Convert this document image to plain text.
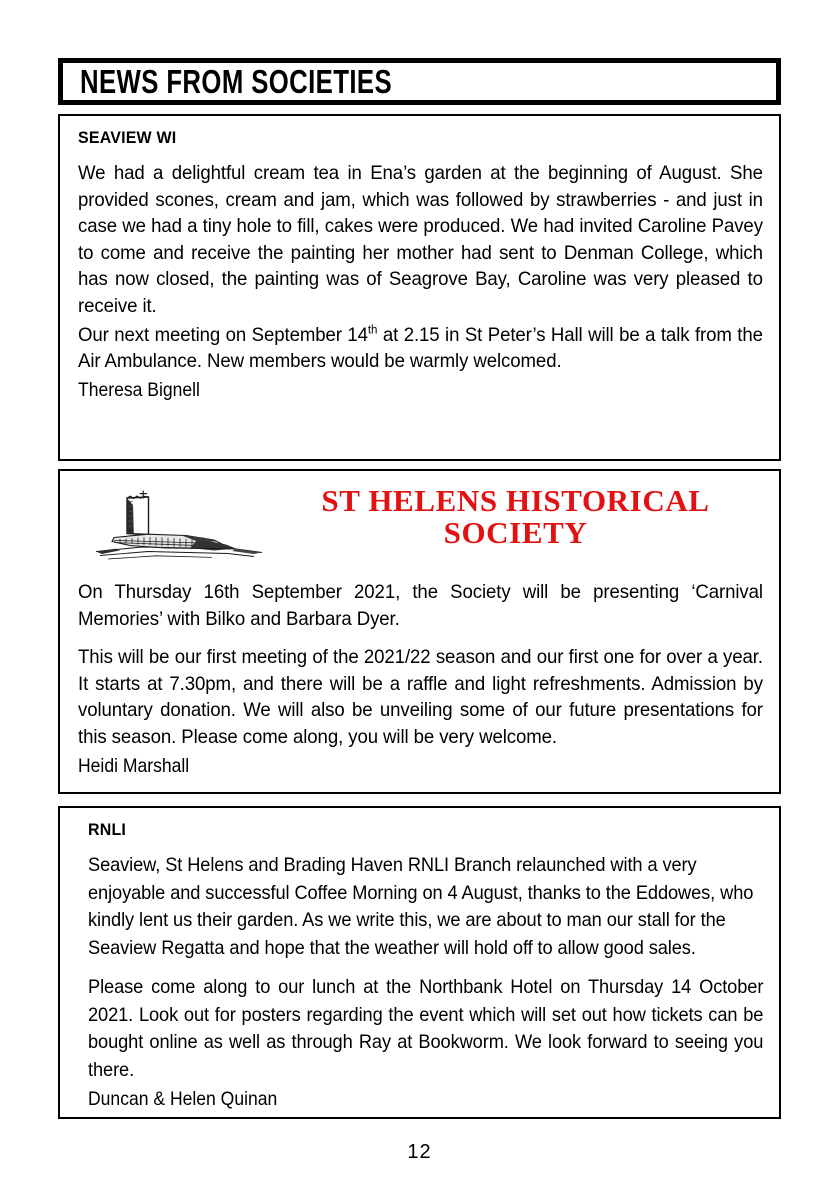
NEWS FROM SOCIETIES
SEAVIEW WI

We had a delightful cream tea in Ena’s garden at the beginning of August. She provided scones, cream and jam, which was followed by strawberries - and just in case we had a tiny hole to fill, cakes were produced. We had invited Caroline Pavey to come and receive the painting her mother had sent to Denman College, which has now closed, the painting was of Seagrove Bay, Caroline was very pleased to receive it.

Our next meeting on September 14th at 2.15 in St Peter’s Hall will be a talk from the Air Ambulance. New members would be warmly welcomed.

Theresa Bignell

ST HELENS HISTORICAL
SOCIETY

On Thursday 16th September 2021, the Society will be presenting ‘Carnival Memories’ with Bilko and Barbara Dyer.

This will be our first meeting of the 2021/22 season and our first one for over a year. It starts at 7.30pm, and there will be a raffle and light refreshments. Admission by voluntary donation. We will also be unveiling some of our future presentations for this season. Please come along, you will be very welcome.

Heidi Marshall

RNLI

Seaview, St Helens and Brading Haven RNLI Branch relaunched with a very enjoyable and successful Coffee Morning on 4 August, thanks to the Eddowes, who kindly lent us their garden. As we write this, we are about to man our stall for the Seaview Regatta and hope that the weather will hold off to allow good sales.

Please come along to our lunch at the Northbank Hotel on Thursday 14 October 2021. Look out for posters regarding the event which will set out how tickets can be bought online as well as through Ray at Bookworm. We look forward to seeing you there.

Duncan & Helen Quinan

12
